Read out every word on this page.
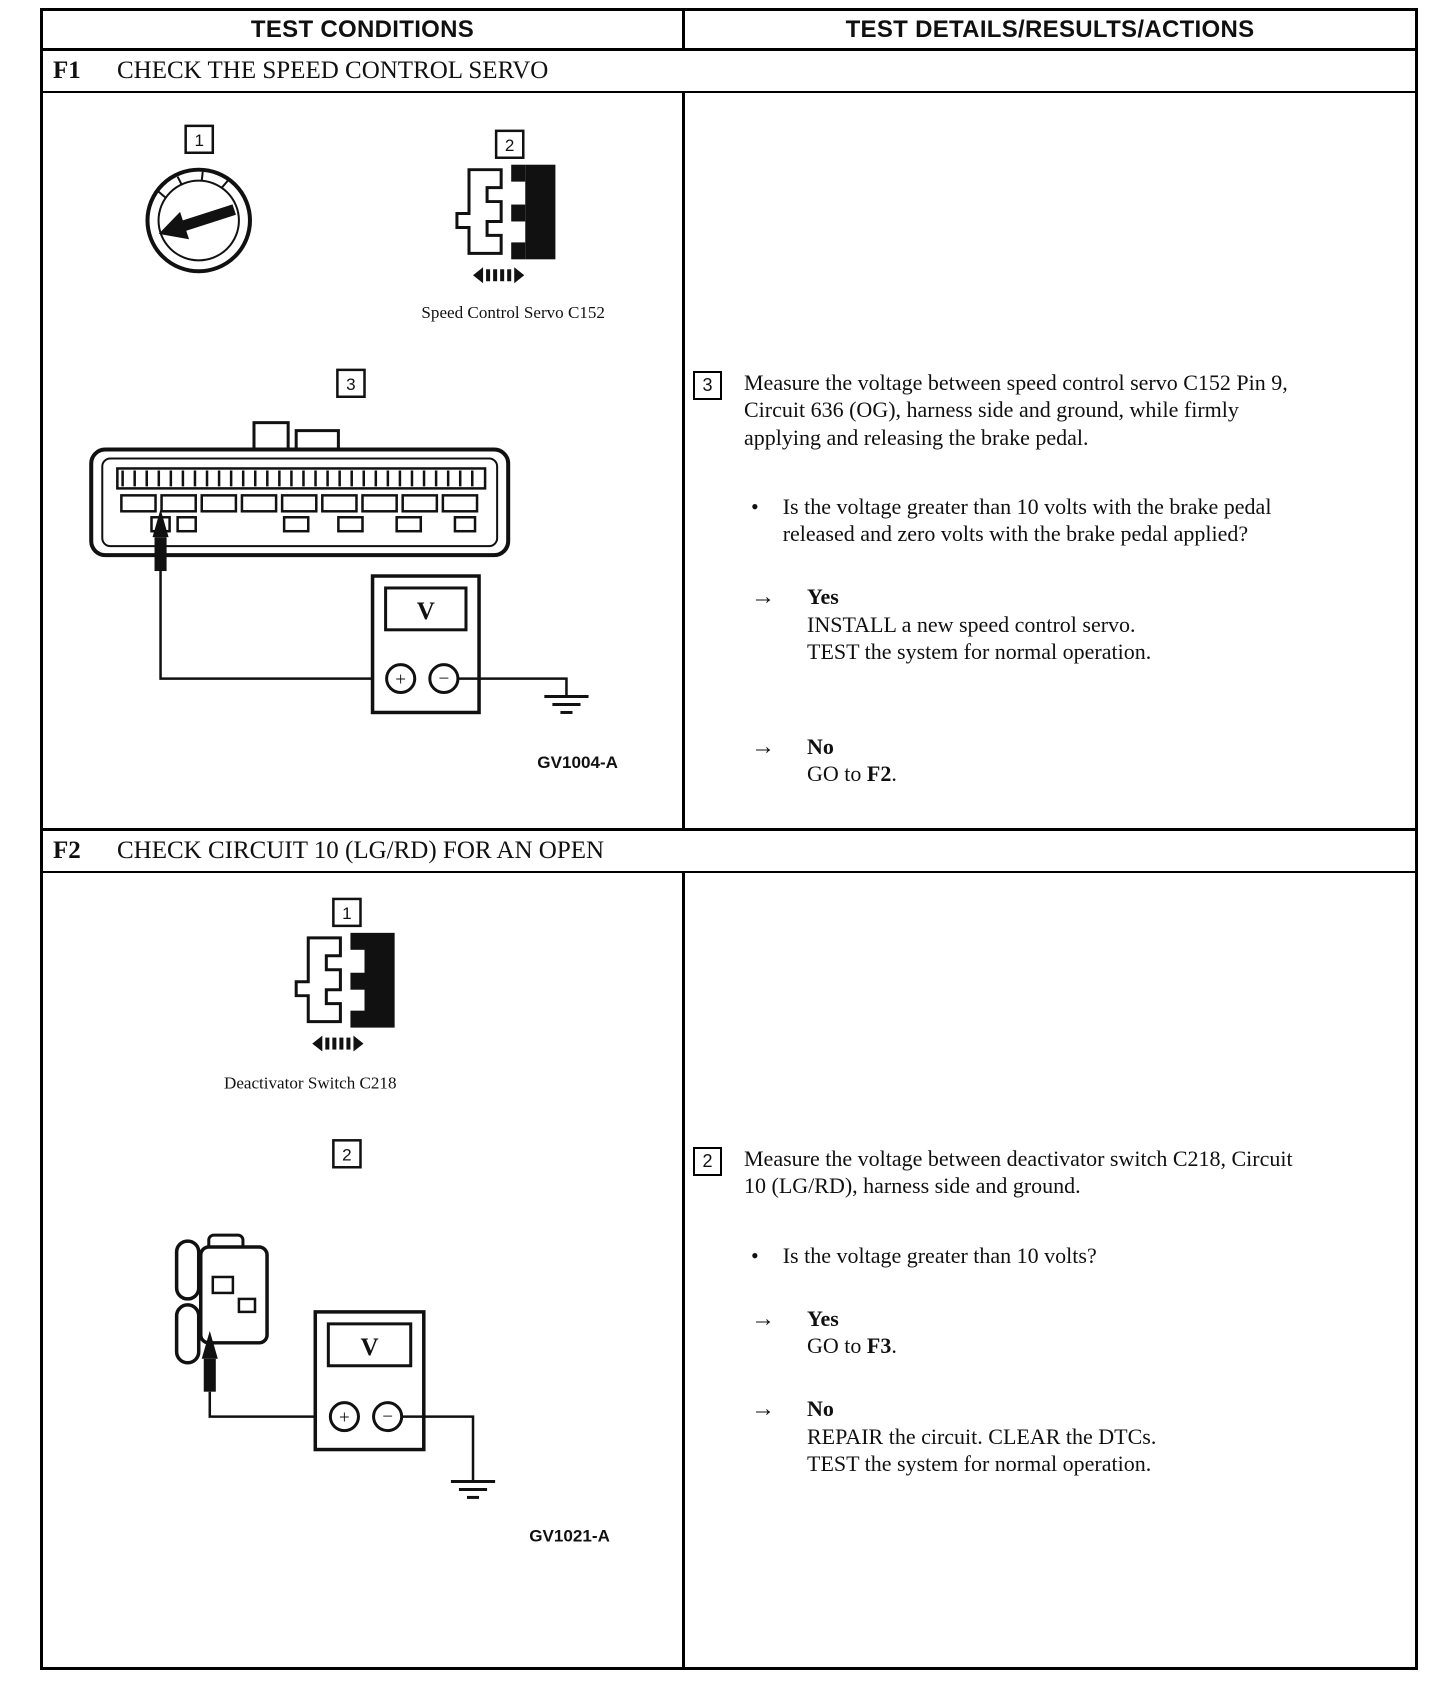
TEST CONDITIONS	TEST DETAILS/RESULTS/ACTIONS
F1	CHECK THE SPEED CONTROL SERVO
1	2
Speed Control Servo C152
3
V
+ −
GV1004-A
3	Measure the voltage between speed control servo C152 Pin 9, Circuit 636 (OG), harness side and ground, while firmly applying and releasing the brake pedal.

• Is the voltage greater than 10 volts with the brake pedal released and zero volts with the brake pedal applied?

→ Yes
INSTALL a new speed control servo.
TEST the system for normal operation.
→ No
GO to F2.
F2	CHECK CIRCUIT 10 (LG/RD) FOR AN OPEN
1
Deactivator Switch C218
2
V
+ −
GV1021-A
2	Measure the voltage between deactivator switch C218, Circuit 10 (LG/RD), harness side and ground.

• Is the voltage greater than 10 volts?

→ Yes
GO to F3.
→ No
REPAIR the circuit. CLEAR the DTCs.
TEST the system for normal operation.
